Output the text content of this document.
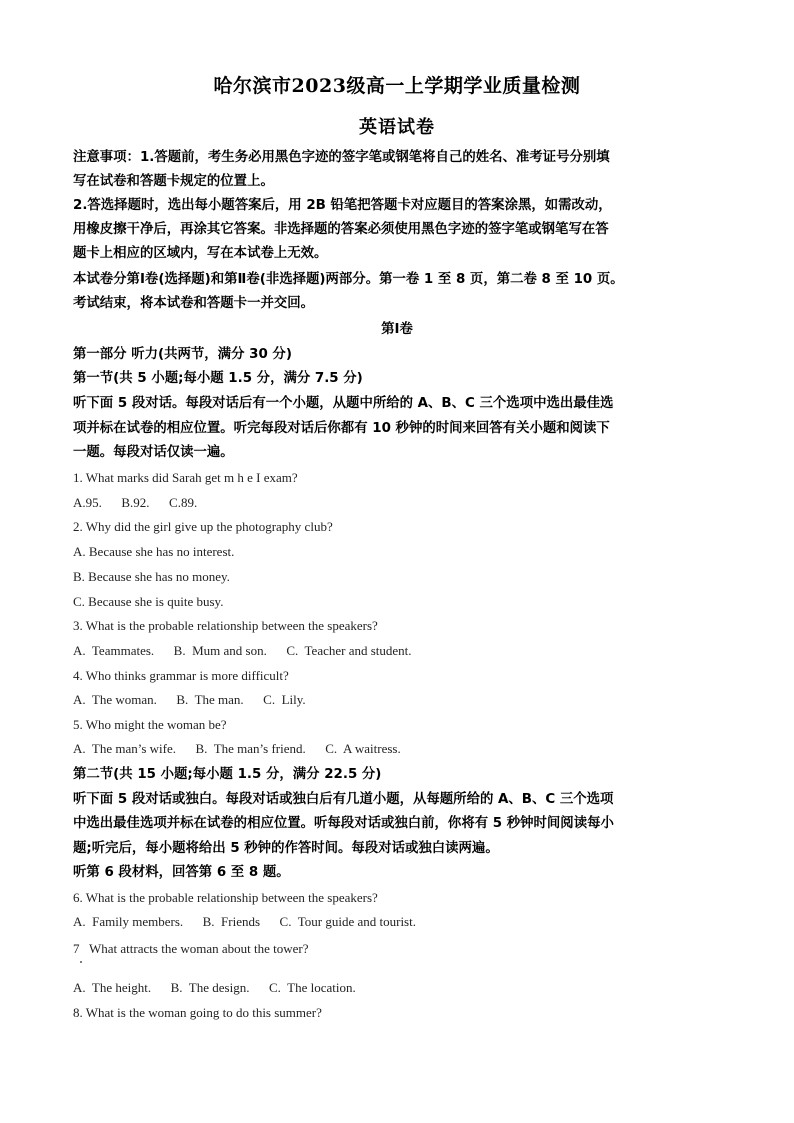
哈尔滨市2023级高一上学期学业质量检测
英语试卷
注意事项：1.答题前，考生务必用黑色字迹的签字笔或钢笔将自己的姓名、准考证号分别填
写在试卷和答题卡规定的位置上。
2.答选择题时，选出每小题答案后，用 2B 铅笔把答题卡对应题目的答案涂黑，如需改动，
用橡皮擦干净后，再涂其它答案。非选择题的答案必须使用黑色字迹的签字笔或钢笔写在答
题卡上相应的区域内，写在本试卷上无效。
本试卷分第Ⅰ卷(选择题)和第Ⅱ卷(非选择题)两部分。第一卷 1 至 8 页，第二卷 8 至 10 页。
考试结束，将本试卷和答题卡一并交回。
第Ⅰ卷
第一部分 听力(共两节，满分 30 分)
第一节(共 5 小题;每小题 1.5 分，满分 7.5 分)
听下面 5 段对话。每段对话后有一个小题，从题中所给的 A、B、C 三个选项中选出最佳选
项并标在试卷的相应位置。听完每段对话后你都有 10 秒钟的时间来回答有关小题和阅读下
一题。每段对话仅读一遍。
1. What marks did Sarah get m h e I exam?
A.95.      B.92.      C.89.
2. Why did the girl give up the photography club?
A. Because she has no interest.
B. Because she has no money.
C. Because she is quite busy.
3. What is the probable relationship between the speakers?
A.  Teammates.      B.  Mum and son.      C.  Teacher and student.
4. Who thinks grammar is more difficult?
A.  The woman.      B.  The man.      C.  Lily.
5. Who might the woman be?
A.  The man’s wife.      B.  The man’s friend.      C.  A waitress.
第二节(共 15 小题;每小题 1.5 分，满分 22.5 分)
听下面 5 段对话或独白。每段对话或独白后有几道小题，从每题所给的 A、B、C 三个选项
中选出最佳选项并标在试卷的相应位置。听每段对话或独白前，你将有 5 秒钟时间阅读每小
题;听完后，每小题将给出 5 秒钟的作答时间。每段对话或独白读两遍。
听第 6 段材料，回答第 6 至 8 题。
6. What is the probable relationship between the speakers?
A.  Family members.      B.  Friends      C.  Tour guide and tourist.
7   What attracts the woman about the tower?
A.  The height.      B.  The design.      C.  The location.
8. What is the woman going to do this summer?
